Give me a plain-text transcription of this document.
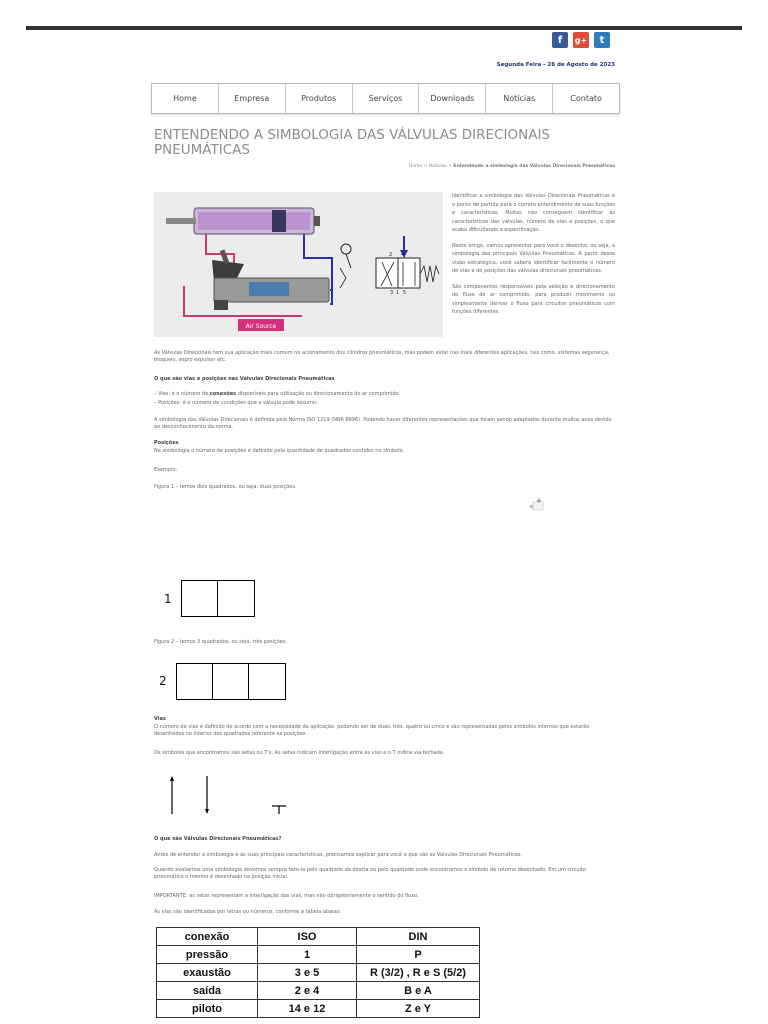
f	g+	t
Segunda Feira - 28 de Agosto de 2023
Home	Empresa	Produtos	Serviços	Downloads	Notícias	Contato
ENTENDENDO A SIMBOLOGIA DAS VÁLVULAS DIRECIONAIS PNEUMÁTICAS
Home > Notícias > Entendendo a simbologia das Válvulas Direcionais Pneumáticas
Air Source
2 4
3 1 5

Identificar a simbologia das Válvulas Direcionais Pneumáticas é o ponto de partida para o correto entendimento de suas funções e características. Muitos não conseguem identificar as características das válvulas, número de vias e posições, o que acaba dificultando a especificação.

Neste artigo, vamos apresentar para você o desenho, ou seja, a simbologia das principais Válvulas Pneumáticas. A partir dessa visão estratégica, você saberá identificar facilmente o número de vias e de posições das válvulas direcionais pneumáticas.

São componentes responsáveis pela seleção e direcionamento do fluxo de ar comprimido, para produzir movimento ou simplesmente derivar o fluxo para circuitos pneumáticos com funções diferentes.

As Válvulas Direcionais tem sua aplicação mais comum no acionamento dos cilindros pneumáticos, mas podem estar nas mais diferentes aplicações, tais como: sistemas segurança, bloqueio, sopro expulsor etc.
O que são vias e posições nas Válvulas Direcionais Pneumáticas
– Vias: é o número de conexões disponíveis para utilização ou direcionamento do ar comprimido.
– Posições: é o número de condições que a válvula pode assumir.
A simbologia das Válvulas Direcionais é definida pela Norma ISO 1219 (NBR 8896). Podendo haver diferentes representações que foram sendo adaptadas durante muitos anos devido ao desconhecimento da norma.
Posições
Na simbologia o número de posições é definido pela quantidade de quadrados contidos no símbolo.
Exemplo:
Figura 1 – temos dois quadrados, ou seja, duas posições.
1
Figura 2 – temos 3 quadrados, ou seja, três posições.
2
Vias
O número de vias é definido de acordo com a necessidade da aplicação, podendo ser de duas, três, quatro ou cinco e são representadas pelos símbolos internos que estarão desenhados no interior dos quadrados referente as posições.
Os símbolos que encontramos são setas ou T's. As setas indicam interligação entre as vias e o T indica via fechada.
O que são Válvulas Direcionais Pneumáticas?
Antes de entender a simbologia e as suas principais características, precisamos explicar para você o que são as Válvulas Direcionais Pneumáticas.
Quando avaliamos uma simbologia devemos sempre faze-la pelo quadrado da direita ou pelo quadrado onde encontramos o símbolo de retorno desenhado. Em um circuito pneumático o mesmo é desenhado na posição inicial.
IMPORTANTE: as setas representam a interligação das vias, mas não obrigatoriamente o sentido do fluxo.
As vias são identificadas por letras ou números, conforme a tabela abaixo:
conexão	ISO	DIN
pressão	1	P
exaustão	3 e 5	R (3/2) , R e S (5/2)
saída	2 e 4	B e A
piloto	14 e 12	Z e Y
